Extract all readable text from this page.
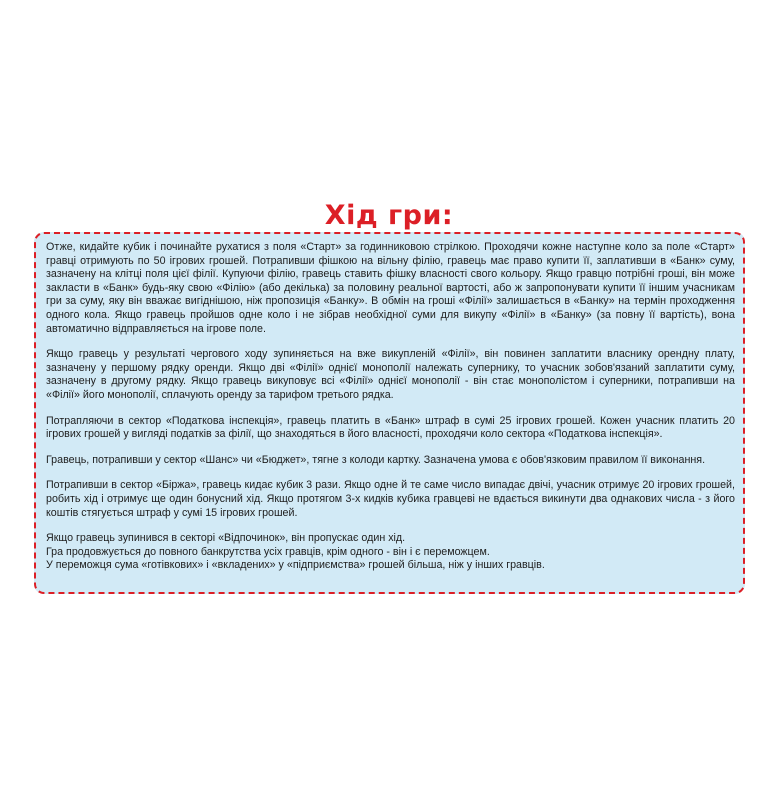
Хід гри:

Отже, кидайте кубик і починайте рухатися з поля «Старт» за годинниковою стрілкою. Проходячи кожне наступне коло за поле «Старт» гравці отримують по 50 ігрових грошей. Потрапивши фішкою на вільну філію, гравець має право купити її, заплативши в «Банк» суму, зазначену на клітці поля цієї філії. Купуючи філію, гравець ставить фішку власності свого кольору. Якщо гравцю потрібні гроші, він може закласти в «Банк» будь-яку свою «Філію» (або декілька) за половину реальної вартості, або ж запропонувати купити її іншим учасникам гри за суму, яку він вважає вигіднішою, ніж пропозиція «Банку». В обмін на гроші «Філії» залишається в «Банку» на термін проходження одного кола. Якщо гравець пройшов одне коло і не зібрав необхідної суми для викупу «Філії» в «Банку» (за повну її вартість), вона автоматично відправляється на ігрове поле.

Якщо гравець у результаті чергового ходу зупиняється на вже викупленій «Філії», він повинен заплатити власнику орендну плату, зазначену у першому рядку оренди. Якщо дві «Філії» однієї монополії належать супернику, то учасник зобов'язаний заплатити суму, зазначену в другому рядку. Якщо гравець викуповує всі «Філії» однієї монополії - він стає монополістом і суперники, потрапивши на «Філії» його монополії, сплачують оренду за тарифом третього рядка.

Потрапляючи в сектор «Податкова інспекція», гравець платить в «Банк» штраф в сумі 25 ігрових грошей. Кожен учасник платить 20 ігрових грошей у вигляді податків за філії, що знаходяться в його власності, проходячи коло сектора «Податкова інспекція».

Гравець, потрапивши у сектор «Шанс» чи «Бюджет», тягне з колоди картку. Зазначена умова є обов'язковим правилом її виконання.

Потрапивши в сектор «Біржа», гравець кидає кубик 3 рази. Якщо одне й те саме число випадає двічі, учасник отримує 20 ігрових грошей, робить хід і отримує ще один бонусний хід. Якщо протягом 3-х кидків кубика гравцеві не вдається викинути два однакових числа - з його коштів стягується штраф у сумі 15 ігрових грошей.

Якщо гравець зупинився в секторі «Відпочинок», він пропускає один хід.
Гра продовжується до повного банкрутства усіх гравців, крім одного - він і є переможцем.
У переможця сума «готівкових» і «вкладених» у «підприємства» грошей більша, ніж у інших гравців.
